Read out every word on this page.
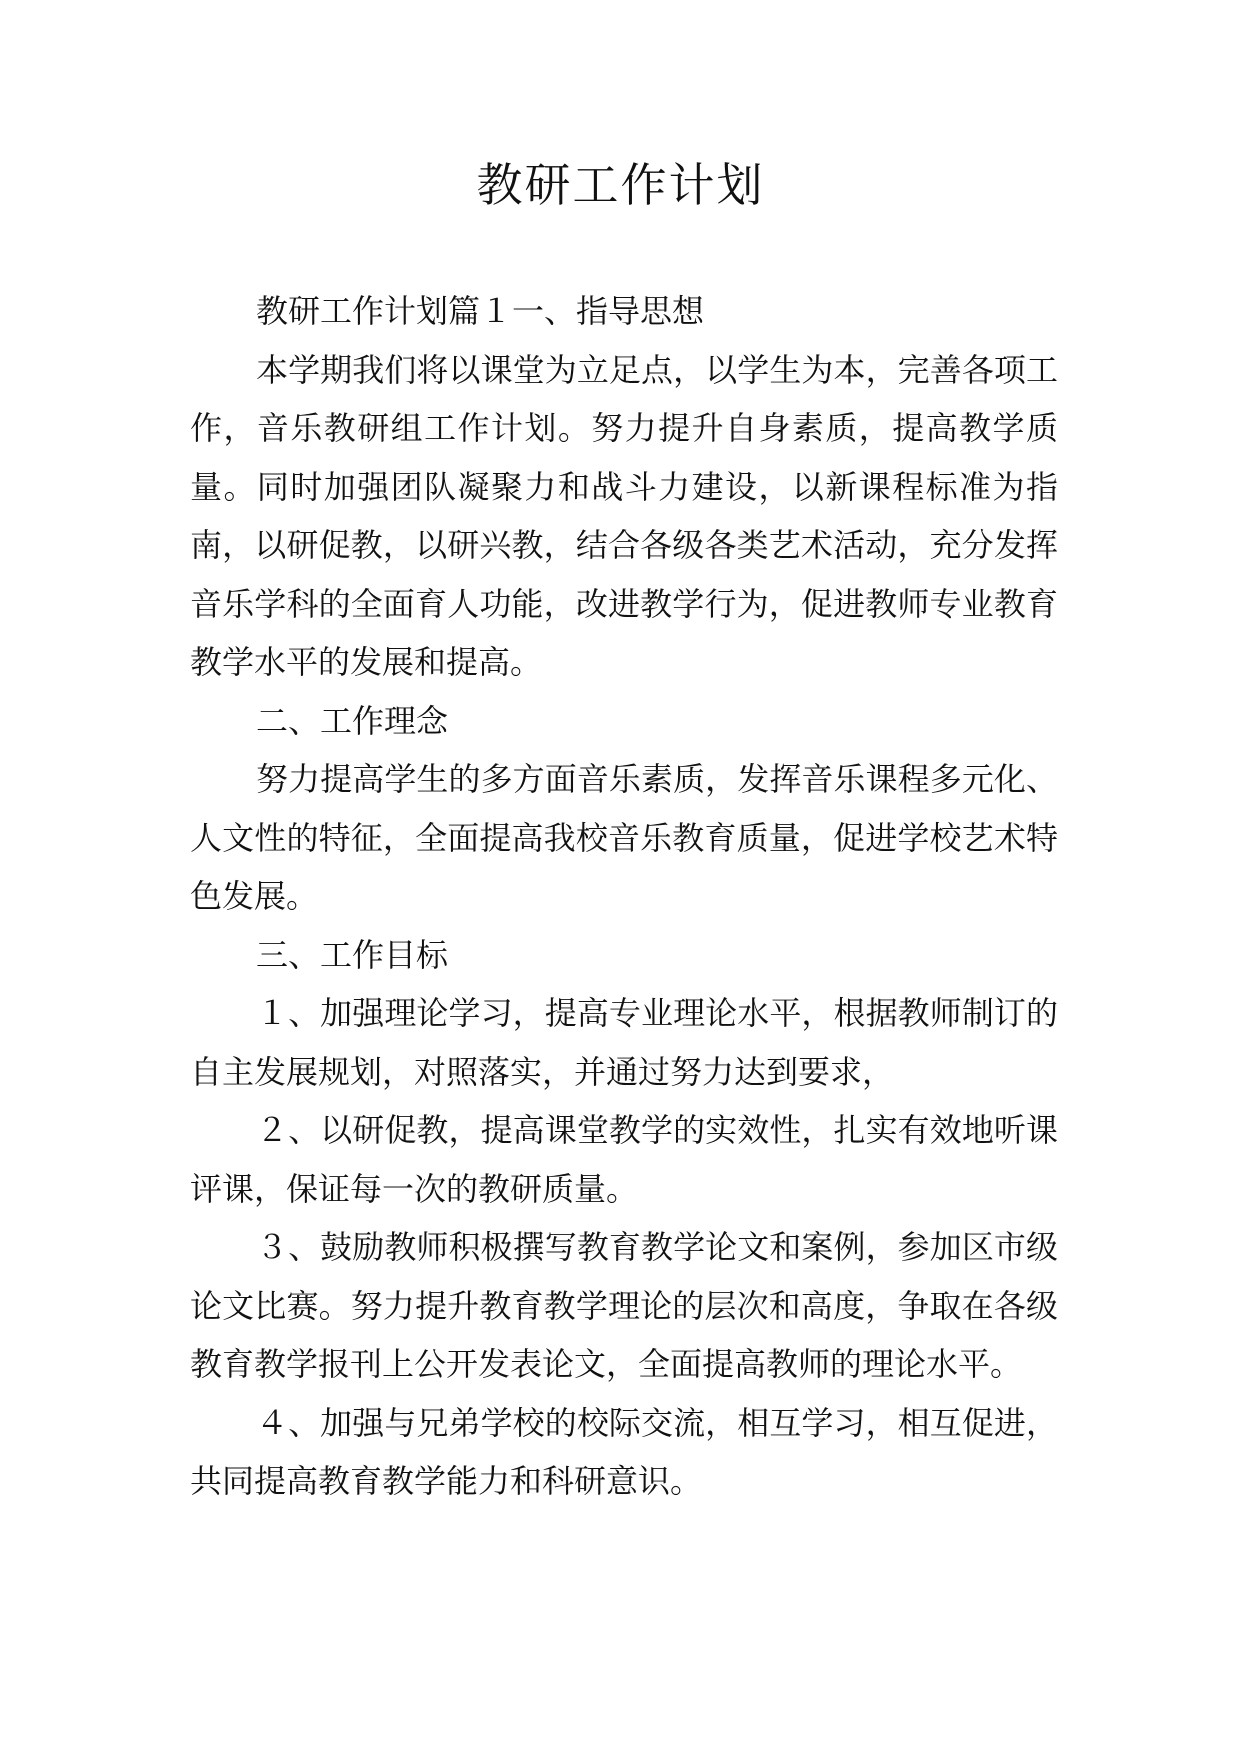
教研工作计划

教研工作计划篇１一、指导思想

本学期我们将以课堂为立足点，以学生为本，完善各项工作，音乐教研组工作计划。努力提升自身素质，提高教学质量。同时加强团队凝聚力和战斗力建设，以新课程标准为指南，以研促教，以研兴教，结合各级各类艺术活动，充分发挥音乐学科的全面育人功能，改进教学行为，促进教师专业教育教学水平的发展和提高。

二、工作理念

努力提高学生的多方面音乐素质，发挥音乐课程多元化、人文性的特征，全面提高我校音乐教育质量，促进学校艺术特色发展。

三、工作目标

１、加强理论学习，提高专业理论水平，根据教师制订的自主发展规划，对照落实，并通过努力达到要求，

２、以研促教，提高课堂教学的实效性，扎实有效地听课评课，保证每一次的教研质量。

３、鼓励教师积极撰写教育教学论文和案例，参加区市级论文比赛。努力提升教育教学理论的层次和高度，争取在各级教育教学报刊上公开发表论文，全面提高教师的理论水平。

４、加强与兄弟学校的校际交流，相互学习，相互促进，共同提高教育教学能力和科研意识。
